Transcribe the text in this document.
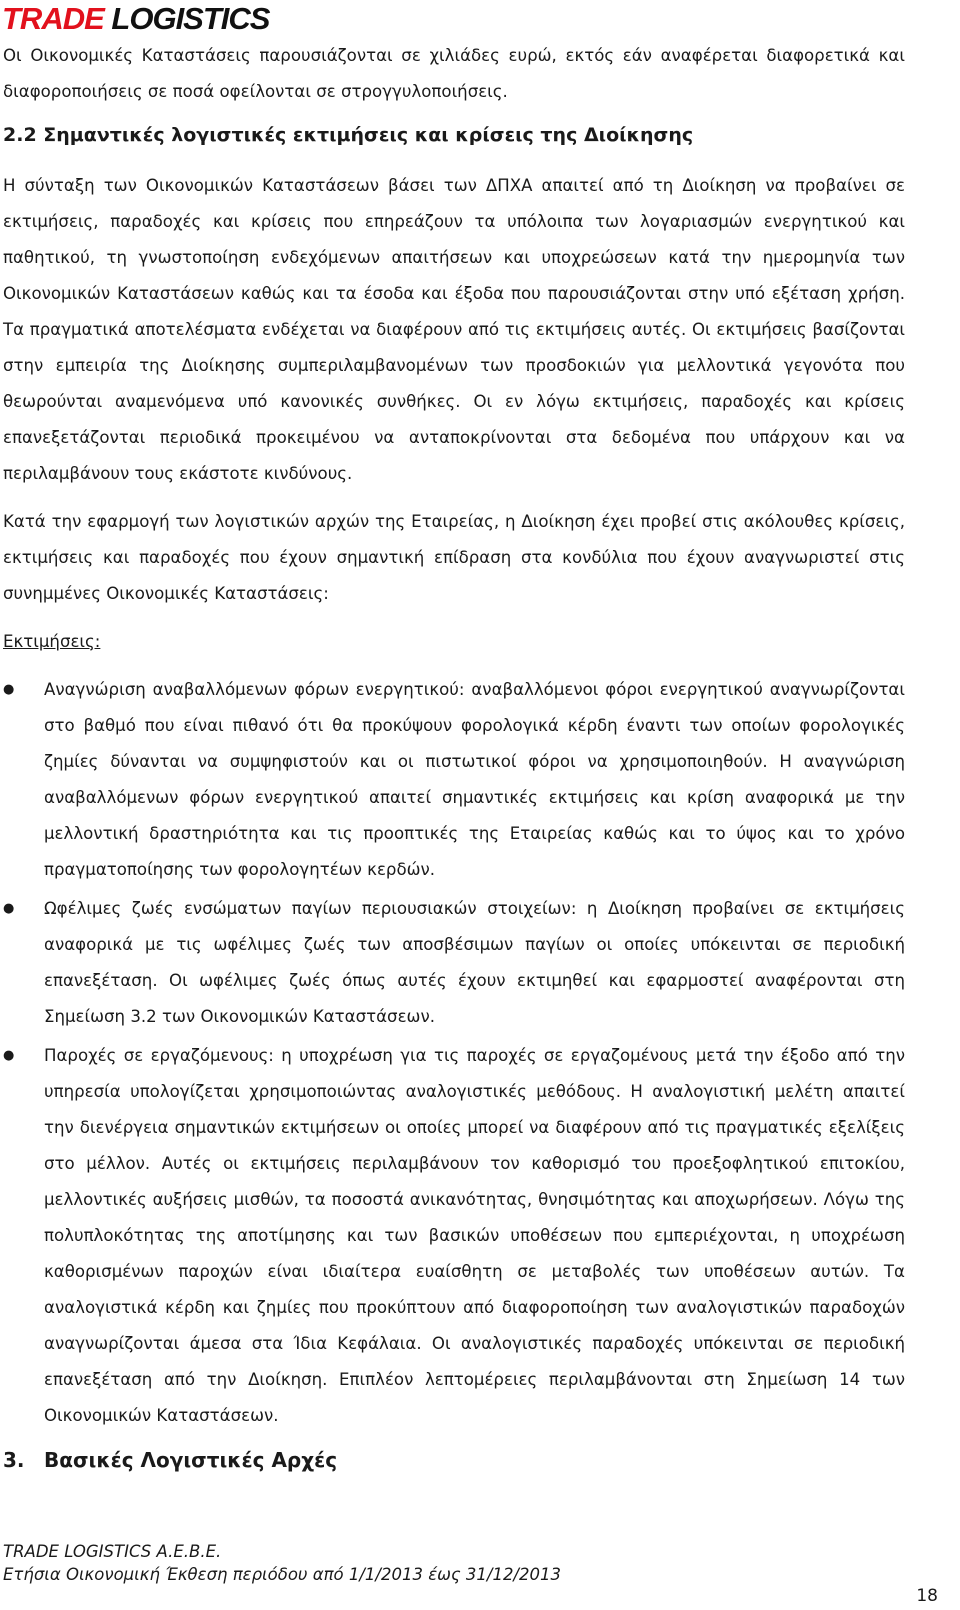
TRADE LOGISTICS

Οι Οικονομικές Καταστάσεις παρουσιάζονται σε χιλιάδες ευρώ, εκτός εάν αναφέρεται διαφορετικά και διαφοροποιήσεις σε ποσά οφείλονται σε στρογγυλοποιήσεις.

2.2 Σημαντικές λογιστικές εκτιμήσεις και κρίσεις της Διοίκησης

Η σύνταξη των Οικονομικών Καταστάσεων βάσει των ΔΠΧΑ απαιτεί από τη Διοίκηση να προβαίνει σε εκτιμήσεις, παραδοχές και κρίσεις που επηρεάζουν τα υπόλοιπα των λογαριασμών ενεργητικού και παθητικού, τη γνωστοποίηση ενδεχόμενων απαιτήσεων και υποχρεώσεων κατά την ημερομηνία των Οικονομικών Καταστάσεων καθώς και τα έσοδα και έξοδα που παρουσιάζονται στην υπό εξέταση χρήση. Τα πραγματικά αποτελέσματα ενδέχεται να διαφέρουν από τις εκτιμήσεις αυτές. Οι εκτιμήσεις βασίζονται στην εμπειρία της Διοίκησης συμπεριλαμβανομένων των προσδοκιών για μελλοντικά γεγονότα που θεωρούνται αναμενόμενα υπό κανονικές συνθήκες. Οι εν λόγω εκτιμήσεις, παραδοχές και κρίσεις επανεξετάζονται περιοδικά προκειμένου να ανταποκρίνονται στα δεδομένα που υπάρχουν και να περιλαμβάνουν τους εκάστοτε κινδύνους.

Κατά την εφαρμογή των λογιστικών αρχών της Εταιρείας, η Διοίκηση έχει προβεί στις ακόλουθες κρίσεις, εκτιμήσεις και παραδοχές που έχουν σημαντική επίδραση στα κονδύλια που έχουν αναγνωριστεί στις συνημμένες Οικονομικές Καταστάσεις:

Εκτιμήσεις:

● Αναγνώριση αναβαλλόμενων φόρων ενεργητικού: αναβαλλόμενοι φόροι ενεργητικού αναγνωρίζονται στο βαθμό που είναι πιθανό ότι θα προκύψουν φορολογικά κέρδη έναντι των οποίων φορολογικές ζημίες δύνανται να συμψηφιστούν και οι πιστωτικοί φόροι να χρησιμοποιηθούν. Η αναγνώριση αναβαλλόμενων φόρων ενεργητικού απαιτεί σημαντικές εκτιμήσεις και κρίση αναφορικά με την μελλοντική δραστηριότητα και τις προοπτικές της Εταιρείας καθώς και το ύψος και το χρόνο πραγματοποίησης των φορολογητέων κερδών.
● Ωφέλιμες ζωές ενσώματων παγίων περιουσιακών στοιχείων: η Διοίκηση προβαίνει σε εκτιμήσεις αναφορικά με τις ωφέλιμες ζωές των αποσβέσιμων παγίων οι οποίες υπόκεινται σε περιοδική επανεξέταση. Οι ωφέλιμες ζωές όπως αυτές έχουν εκτιμηθεί και εφαρμοστεί αναφέρονται στη Σημείωση 3.2 των Οικονομικών Καταστάσεων.
● Παροχές σε εργαζόμενους: η υποχρέωση για τις παροχές σε εργαζομένους μετά την έξοδο από την υπηρεσία υπολογίζεται χρησιμοποιώντας αναλογιστικές μεθόδους. Η αναλογιστική μελέτη απαιτεί την διενέργεια σημαντικών εκτιμήσεων οι οποίες μπορεί να διαφέρουν από τις πραγματικές εξελίξεις στο μέλλον. Αυτές οι εκτιμήσεις περιλαμβάνουν τον καθορισμό του προεξοφλητικού επιτοκίου, μελλοντικές αυξήσεις μισθών, τα ποσοστά ανικανότητας, θνησιμότητας και αποχωρήσεων. Λόγω της πολυπλοκότητας της αποτίμησης και των βασικών υποθέσεων που εμπεριέχονται, η υποχρέωση καθορισμένων παροχών είναι ιδιαίτερα ευαίσθητη σε μεταβολές των υποθέσεων αυτών. Τα αναλογιστικά κέρδη και ζημίες που προκύπτουν από διαφοροποίηση των αναλογιστικών παραδοχών αναγνωρίζονται άμεσα στα Ίδια Κεφάλαια. Οι αναλογιστικές παραδοχές υπόκεινται σε περιοδική επανεξέταση από την Διοίκηση. Επιπλέον λεπτομέρειες περιλαμβάνονται στη Σημείωση 14 των Οικονομικών Καταστάσεων.
3. Βασικές Λογιστικές Αρχές
TRADE LOGISTICS A.E.B.E.
Ετήσια Οικονομική Έκθεση περιόδου από 1/1/2013 έως 31/12/2013
18
